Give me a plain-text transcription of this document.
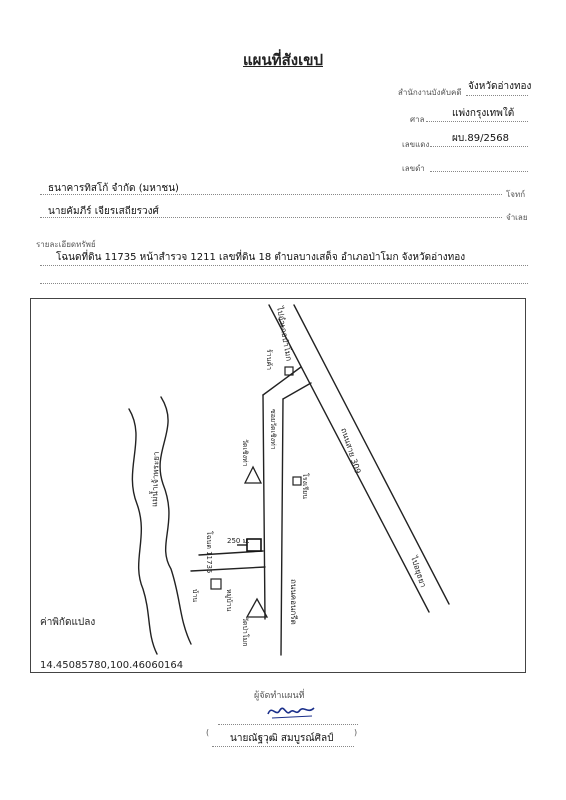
แผนที่สังเขป
สำนักงานบังคับคดี
จังหวัดอ่างทอง
ศาล
แพ่งกรุงเทพใต้
เลขแดง
ผบ.89/2568
เลขดำ
ธนาคารทิสโก้ จำกัด (มหาชน)
โจทก์
นายคัมภีร์ เจียรเสถียรวงศ์
จำเลย
รายละเอียดทรัพย์
โฉนดที่ดิน 11735 หน้าสำรวจ 1211 เลขที่ดิน 18 ตำบลบางเสด็จ อำเภอป่าโมก จังหวัดอ่างทอง
ไปอำเภอป่าโมก
ถนนสาย 309
ไปอยุธยา
แม่น้ำเจ้าพระยา
ถนนคอนกรีต
ซอยวัดเชิงท่า
วัดเชิงท่า
โรงเรียน
ร้านค้า
โฉนด 11735 250 ม.
บ้าน
วัดป่าโมก
หมู่บ้าน
ค่าพิกัดแปลง
14.45085780,100.46060164
ผู้จัดทำแผนที่
(
นายณัฐวุฒิ สมบูรณ์ศิลป์
)
